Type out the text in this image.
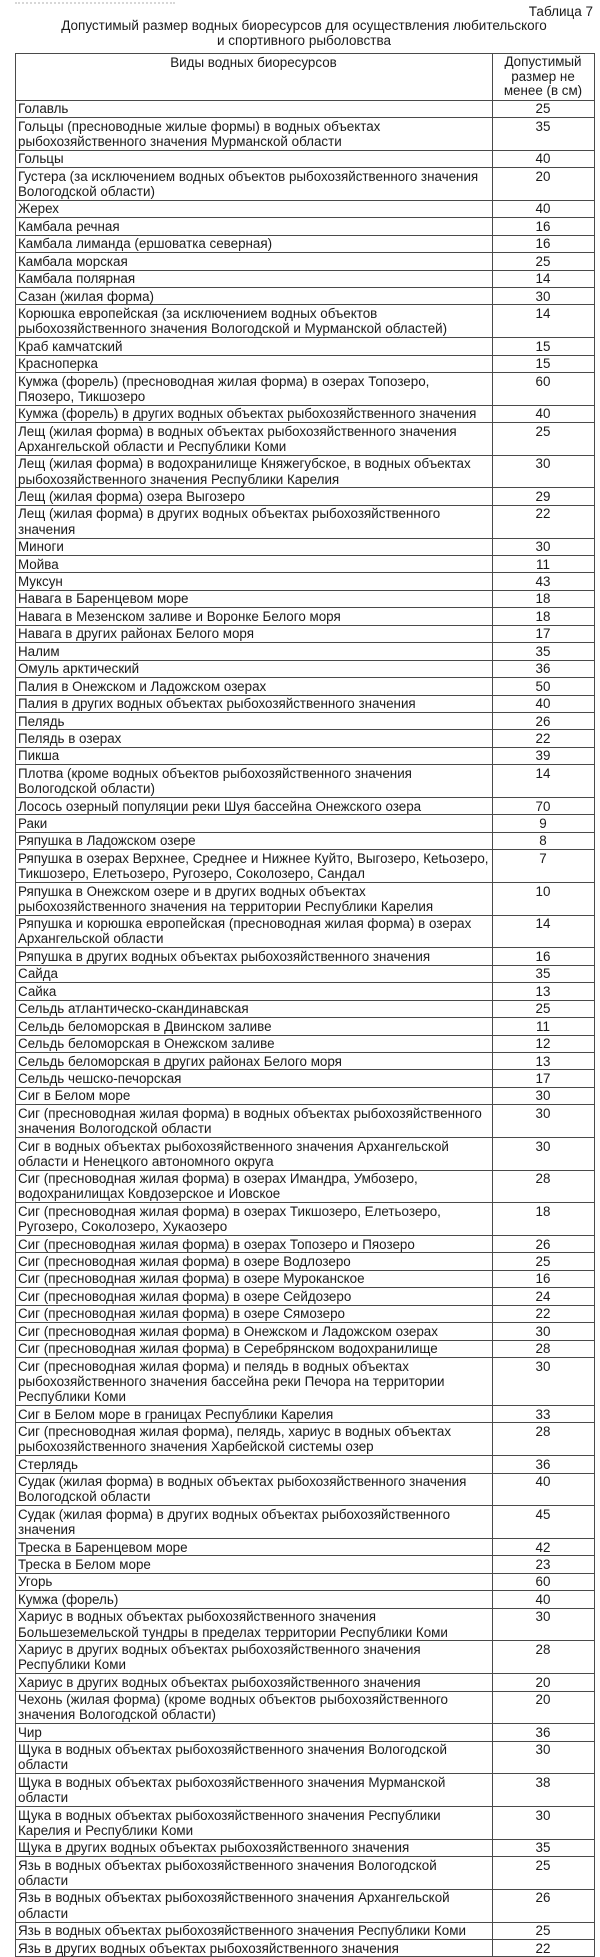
Таблица 7
Допустимый размер водных биоресурсов для осуществления любительского
и спортивного рыболовства
Виды водных биоресурсов	Допустимый размер не менее (в см)
Голавль	25
Гольцы (пресноводные жилые формы) в водных объектах рыбохозяйственного значения Мурманской области	35
Гольцы	40
Густера (за исключением водных объектов рыбохозяйственного значения Вологодской области)	20
Жерех	40
Камбала речная	16
Камбала лиманда (ершоватка северная)	16
Камбала морская	25
Камбала полярная	14
Сазан (жилая форма)	30
Корюшка европейская (за исключением водных объектов рыбохозяйственного значения Вологодской и Мурманской областей)	14
Краб камчатский	15
Красноперка	15
Кумжа (форель) (пресноводная жилая форма) в озерах Топозеро, Пяозеро, Тикшозеро	60
Кумжа (форель) в других водных объектах рыбохозяйственного значения	40
Лещ (жилая форма) в водных объектах рыбохозяйственного значения Архангельской области и Республики Коми	25
Лещ (жилая форма) в водохранилище Княжегубское, в водных объектах рыбохозяйственного значения Республики Карелия	30
Лещ (жилая форма) озера Выгозеро	29
Лещ (жилая форма) в других водных объектах рыбохозяйственного значения	22
Миноги	30
Мойва	11
Муксун	43
Навага в Баренцевом море	18
Навага в Мезенском заливе и Воронке Белого моря	18
Навага в других районах Белого моря	17
Налим	35
Омуль арктический	36
Палия в Онежском и Ладожском озерах	50
Палия в других водных объектах рыбохозяйственного значения	40
Пелядь	26
Пелядь в озерах	22
Пикша	39
Плотва (кроме водных объектов рыбохозяйственного значения Вологодской области)	14
Лосось озерный популяции реки Шуя бассейна Онежского озера	70
Раки	9
Ряпушка в Ладожском озере	8
Ряпушка в озерах Верхнее, Среднее и Нижнее Куйто, Выгозеро, Кеtьозеро, Тикшозеро, Елетьозеро, Ругозеро, Соколозеро, Сандал	7
Ряпушка в Онежском озере и в других водных объектах рыбохозяйственного значения на территории Республики Карелия	10
Ряпушка и корюшка европейская (пресноводная жилая форма) в озерах Архангельской области	14
Ряпушка в других водных объектах рыбохозяйственного значения	16
Сайда	35
Сайка	13
Сельдь атлантическо-скандинавская	25
Сельдь беломорская в Двинском заливе	11
Сельдь беломорская в Онежском заливе	12
Сельдь беломорская в других районах Белого моря	13
Сельдь чешско-печорская	17
Сиг в Белом море	30
Сиг (пресноводная жилая форма) в водных объектах рыбохозяйственного значения Вологодской области	30
Сиг в водных объектах рыбохозяйственного значения Архангельской области и Ненецкого автономного округа	30
Сиг (пресноводная жилая форма) в озерах Имандра, Умбозеро, водохранилищах Ковдозерское и Иовское	28
Сиг (пресноводная жилая форма) в озерах Тикшозеро, Елетьозеро, Ругозеро, Соколозеро, Хукаозеро	18
Сиг (пресноводная жилая форма) в озерах Топозеро и Пяозеро	26
Сиг (пресноводная жилая форма) в озере Водлозеро	25
Сиг (пресноводная жилая форма) в озере Муроканское	16
Сиг (пресноводная жилая форма) в озере Сейдозеро	24
Сиг (пресноводная жилая форма) в озере Сямозеро	22
Сиг (пресноводная жилая форма) в Онежском и Ладожском озерах	30
Сиг (пресноводная жилая форма) в Серебрянском водохранилище	28
Сиг (пресноводная жилая форма) и пелядь в водных объектах рыбохозяйственного значения бассейна реки Печора на территории Республики Коми	30
Сиг в Белом море в границах Республики Карелия	33
Сиг (пресноводная жилая форма), пелядь, хариус в водных объектах рыбохозяйственного значения Харбейской системы озер	28
Стерлядь	36
Судак (жилая форма) в водных объектах рыбохозяйственного значения Вологодской области	40
Судак (жилая форма) в других водных объектах рыбохозяйственного значения	45
Треска в Баренцевом море	42
Треска в Белом море	23
Угорь	60
Кумжа (форель)	40
Хариус в водных объектах рыбохозяйственного значения Большеземельской тундры в пределах территории Республики Коми	30
Хариус в других водных объектах рыбохозяйственного значения Республики Коми	28
Хариус в других водных объектах рыбохозяйственного значения	20
Чехонь (жилая форма) (кроме водных объектов рыбохозяйственного значения Вологодской области)	20
Чир	36
Щука в водных объектах рыбохозяйственного значения Вологодской области	30
Щука в водных объектах рыбохозяйственного значения Мурманской области	38
Щука в водных объектах рыбохозяйственного значения Республики Карелия и Республики Коми	30
Щука в других водных объектах рыбохозяйственного значения	35
Язь в водных объектах рыбохозяйственного значения Вологодской области	25
Язь в водных объектах рыбохозяйственного значения Архангельской области	26
Язь в водных объектах рыбохозяйственного значения Республики Коми	25
Язь в других водных объектах рыбохозяйственного значения	22
